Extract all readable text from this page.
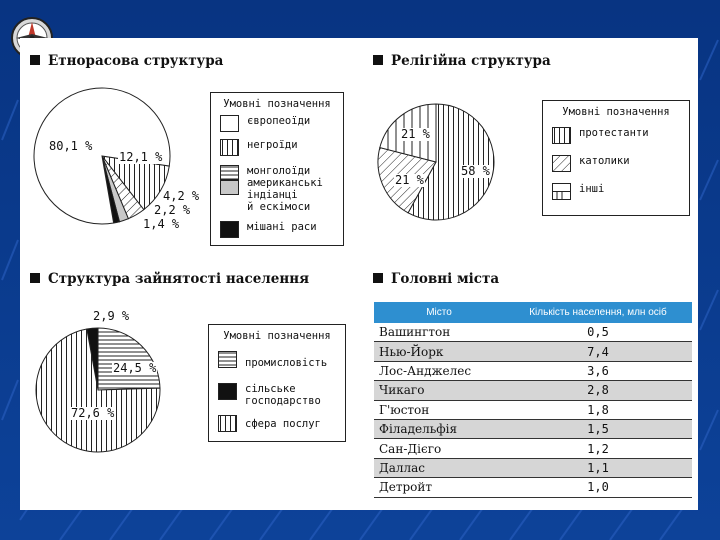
Етнорасова структура	Релігійна структура
Структура зайнятості населення	Головні міста
80,1 %
12,1 %
4,2 %
2,2 %
1,4 %
Умовні позначення
європеоїди
негроїди
монголоїди
американські
індіанці
й ескімоси
мішані раси
21 %
21 %
58 %
Умовні позначення
протестанти
католики
інші
2,9 %
24,5 %
72,6 %
Умовні позначення
промисловість
сільське
господарство
сфера послуг
Місто	Кількість населення, млн осіб
Вашингтон	0,5
Нью-Йорк	7,4
Лос-Анджелес	3,6
Чикаго	2,8
Г'юстон	1,8
Філадельфія	1,5
Сан-Дієго	1,2
Даллас	1,1
Детройт	1,0
